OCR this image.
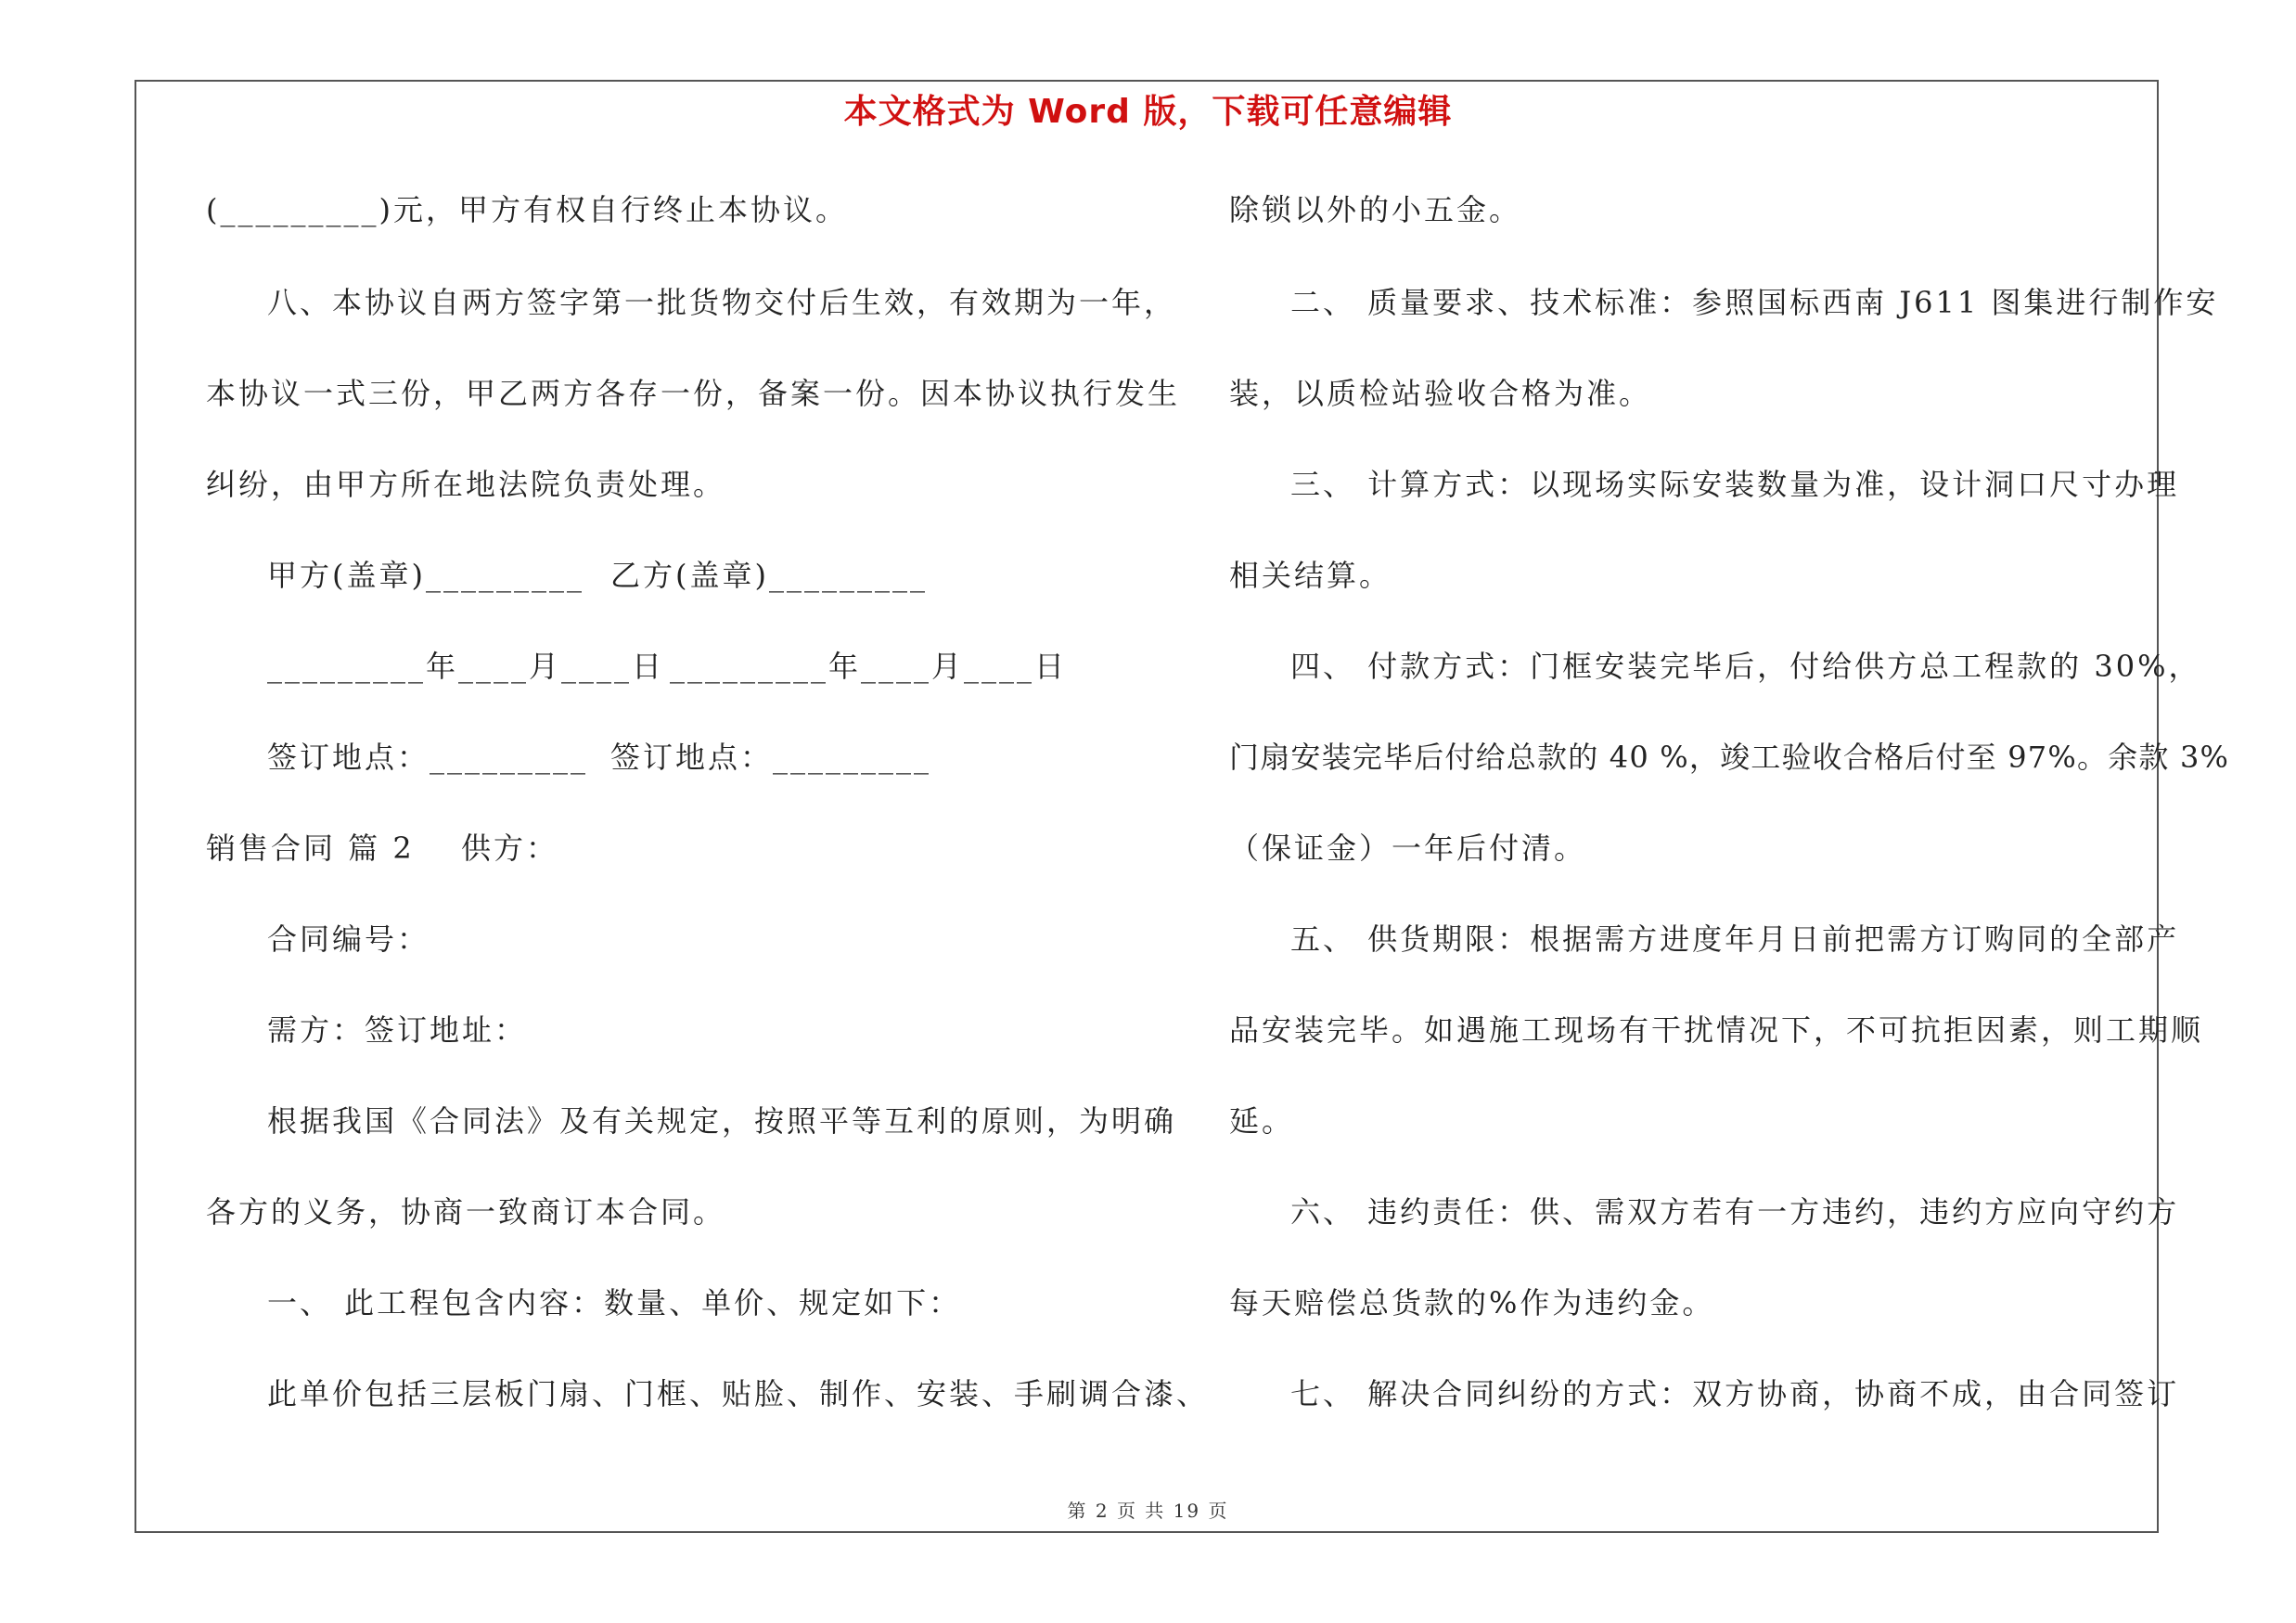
本文格式为 Word 版，下载可任意编辑
(_________)元，甲方有权自行终止本协议。
八、本协议自两方签字第一批货物交付后生效，有效期为一年，
本协议一式三份，甲乙两方各存一份，备案一份。因本协议执行发生
纠纷，由甲方所在地法院负责处理。
甲方(盖章)_________ 乙方(盖章)_________
_________年____月____日 _________年____月____日
签订地点：_________ 签订地点：_________
销售合同 篇 2 供方：
合同编号：
需方：签订地址：
根据我国《合同法》及有关规定，按照平等互利的原则，为明确
各方的义务，协商一致商订本合同。
一、 此工程包含内容：数量、单价、规定如下：
此单价包括三层板门扇、门框、贴脸、制作、安装、手刷调合漆、
除锁以外的小五金。
二、 质量要求、技术标准：参照国标西南 J611 图集进行制作安
装，以质检站验收合格为准。
三、 计算方式：以现场实际安装数量为准，设计洞口尺寸办理
相关结算。
四、 付款方式：门框安装完毕后，付给供方总工程款的 30%，
门扇安装完毕后付给总款的 40 %，竣工验收合格后付至 97%。余款 3%
（保证金）一年后付清。
五、 供货期限：根据需方进度年月日前把需方订购同的全部产
品安装完毕。如遇施工现场有干扰情况下，不可抗拒因素，则工期顺
延。
六、 违约责任：供、需双方若有一方违约，违约方应向守约方
每天赔偿总货款的%作为违约金。
七、 解决合同纠纷的方式：双方协商，协商不成，由合同签订
第 2 页 共 19 页
